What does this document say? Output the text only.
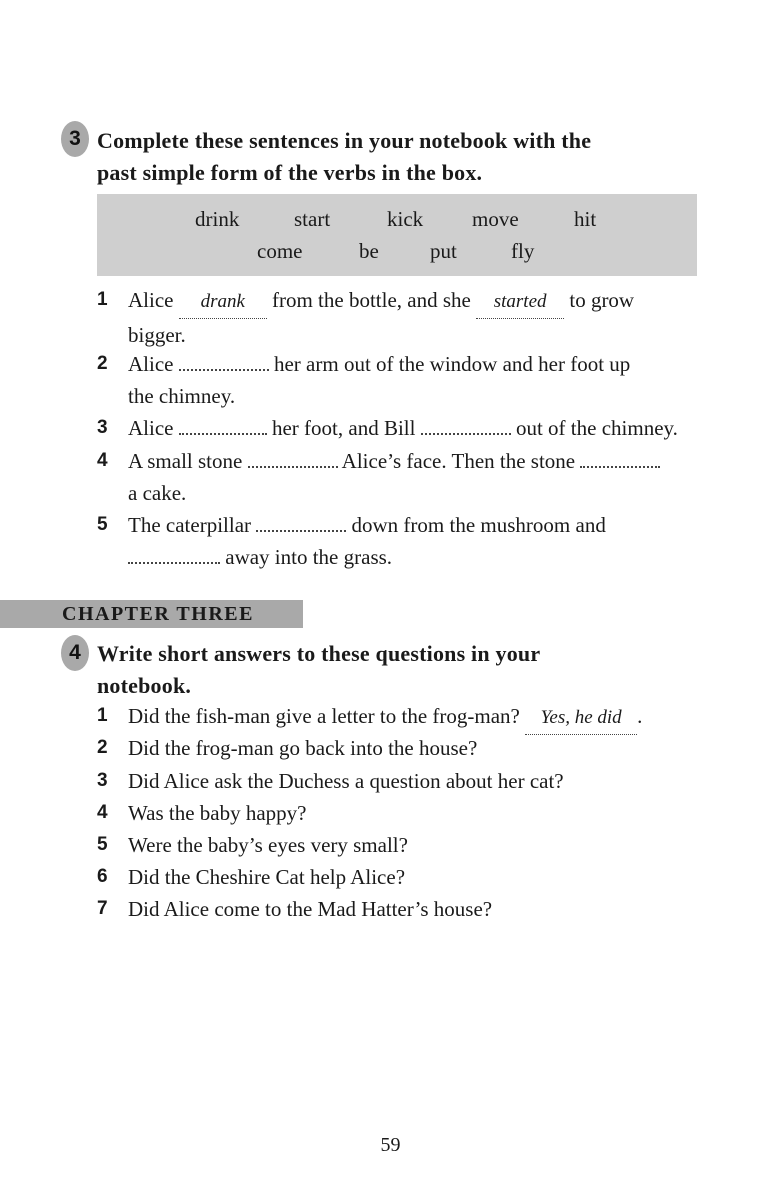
3 Complete these sentences in your notebook with the
past simple form of the verbs in the box.
drink	start	kick move	hit
come	be put	fly
1 Alice drank from the bottle, and she started to grow
bigger.
2 Alice	her arm out of the window and her foot up
the chimney.
3 Alice	her foot, and Bill	out of the chimney.
4 A small stone	Alice’s face. Then the stone
a cake.
5 The caterpillar	down from the mushroom and
away into the grass.
CHAPTER THREE
4 Write short answers to these questions in your
notebook.
1 Did the fish-man give a letter to the frog-man? Yes, he did .
2 Did the frog-man go back into the house?
3 Did Alice ask the Duchess a question about her cat?
4 Was the baby happy?
5 Were the baby’s eyes very small?
6 Did the Cheshire Cat help Alice?
7 Did Alice come to the Mad Hatter’s house?
59
